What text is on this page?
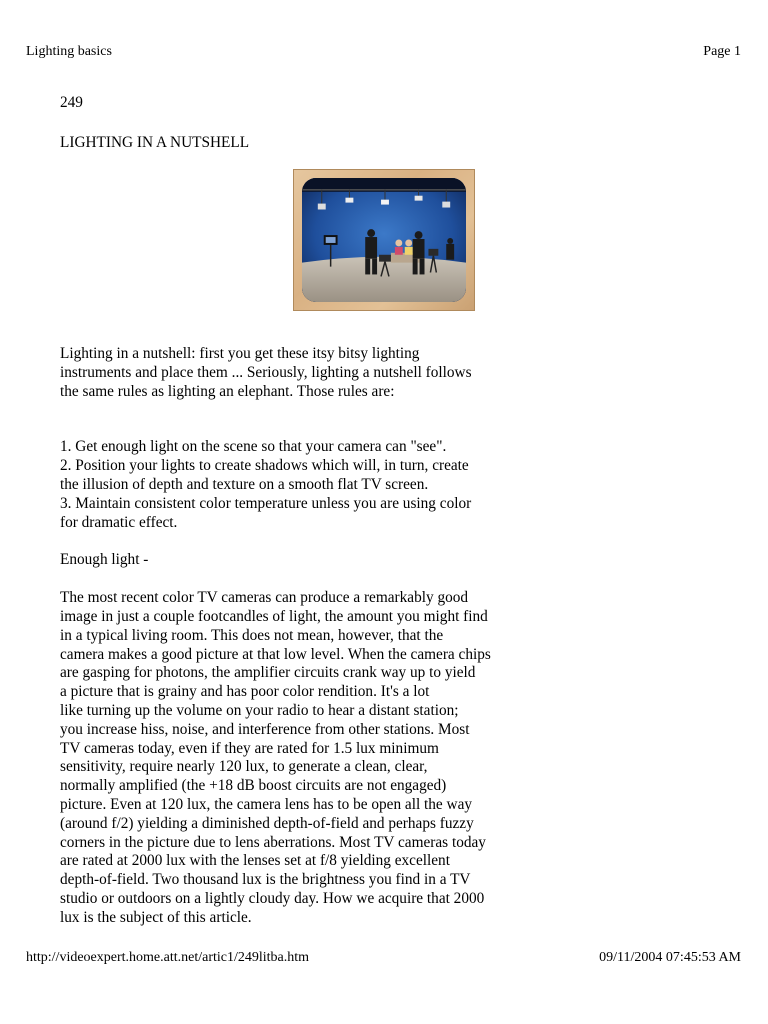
Lighting basics	Page 1

249

LIGHTING IN A NUTSHELL

Lighting in a nutshell: first you get these itsy bitsy lighting
instruments and place them ... Seriously, lighting a nutshell follows
the same rules as lighting an elephant. Those rules are:

1. Get enough light on the scene so that your camera can "see".
2. Position your lights to create shadows which will, in turn, create
the illusion of depth and texture on a smooth flat TV screen.
3. Maintain consistent color temperature unless you are using color
for dramatic effect.

Enough light -

The most recent color TV cameras can produce a remarkably good
image in just a couple footcandles of light, the amount you might find
in a typical living room. This does not mean, however, that the
camera makes a good picture at that low level. When the camera chips
are gasping for photons, the amplifier circuits crank way up to yield
a picture that is grainy and has poor color rendition. It's a lot
like turning up the volume on your radio to hear a distant station;
you increase hiss, noise, and interference from other stations. Most
TV cameras today, even if they are rated for 1.5 lux minimum
sensitivity, require nearly 120 lux, to generate a clean, clear,
normally amplified (the +18 dB boost circuits are not engaged)
picture. Even at 120 lux, the camera lens has to be open all the way
(around f/2) yielding a diminished depth-of-field and perhaps fuzzy
corners in the picture due to lens aberrations. Most TV cameras today
are rated at 2000 lux with the lenses set at f/8 yielding excellent
depth-of-field. Two thousand lux is the brightness you find in a TV
studio or outdoors on a lightly cloudy day. How we acquire that 2000
lux is the subject of this article.

http://videoexpert.home.att.net/artic1/249litba.htm	09/11/2004 07:45:53 AM
